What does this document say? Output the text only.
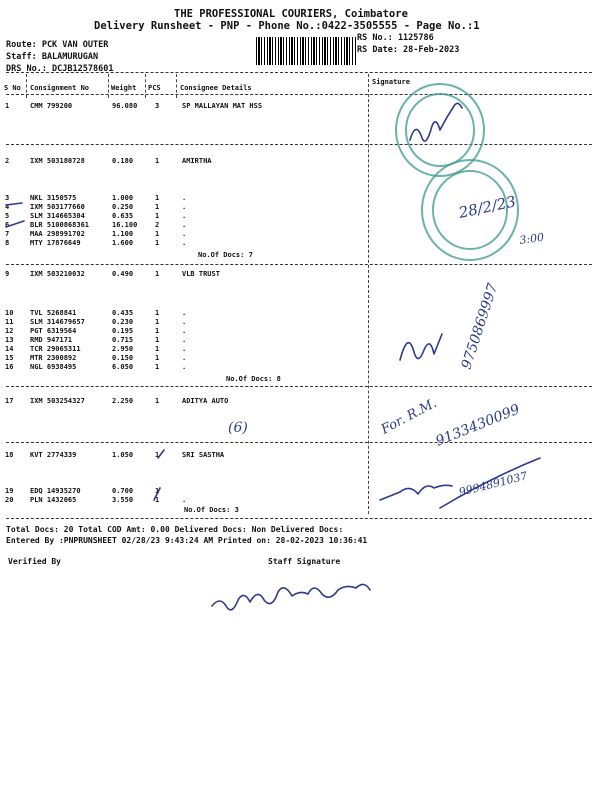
THE PROFESSIONAL COURIERS, Coimbatore
Delivery Runsheet - PNP - Phone No.:0422-3505555 - Page No.:1
Route: PCK VAN OUTER
Staff: BALAMURUGAN
DRS No.: DCJB12578601
RS No.: 1125786
RS Date: 28-Feb-2023
S No Consignment No	Weight PCS	Consignee Details
Signature
1	CMM 799200	96.080	3	SP MALLAYAN MAT HSS
2	IXM 503180728	0.180	1	AMIRTHA
3	NKL 3150575	1.000	1	.
4	IXM 503177660	0.250	1	.
5	SLM 314665304	0.635	1	.
6	BLR 5100868361	16.100	2	.
7	MAA 298991702	1.100	1	.
8	MTY 17876649	1.600	1	.
9	IXM 503210032	0.490	1	VLB TRUST
10 TVL 5268841	0.435	1	.
11 SLM 314679657	0.230	1	.
12 PGT 6319564	0.195	1	.
13 RMD 947171	0.715	1	.
14 TCR 29065311	2.950	1	.
15 MTR 2300892	0.150	1	.
16 NGL 6938495	6.050	1	.
17 IXM 503254327	2.250	1	ADITYA AUTO
18 KVT 2774339	1.050	1	SRI SASTHA
19 EDQ 14935270	0.700	1
20 PLN 1432065	3.550	1	.
No.Of Docs: 7
No.Of Docs: 8
No.Of Docs: 3
Total Docs: 20 Total COD Amt: 0.00 Delivered Docs: Non Delivered Docs:
Entered By :PNPRUNSHEET 02/28/23 9:43:24 AM Printed on: 28-02-2023 10:36:41
Verified By	Staff Signature
28/2/23
3:00
9750869997
For. R.M.
9133430099
9994891037
(6)
